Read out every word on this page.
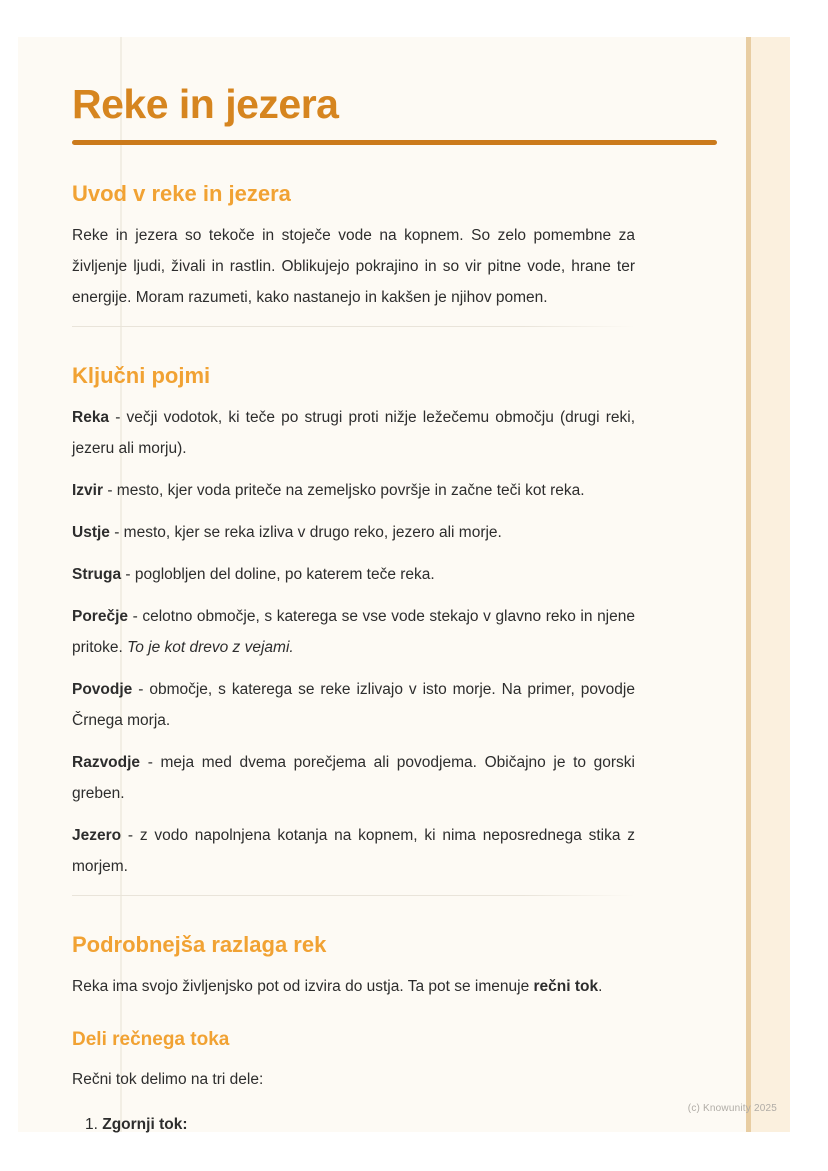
Reke in jezera
Uvod v reke in jezera

Reke in jezera so tekoče in stoječe vode na kopnem. So zelo pomembne za življenje ljudi, živali in rastlin. Oblikujejo pokrajino in so vir pitne vode, hrane ter energije. Moram razumeti, kako nastanejo in kakšen je njihov pomen.

Ključni pojmi

Reka - večji vodotok, ki teče po strugi proti nižje ležečemu območju (drugi reki, jezeru ali morju).

Izvir - mesto, kjer voda priteče na zemeljsko površje in začne teči kot reka.

Ustje - mesto, kjer se reka izliva v drugo reko, jezero ali morje.

Struga - poglobljen del doline, po katerem teče reka.

Porečje - celotno območje, s katerega se vse vode stekajo v glavno reko in njene pritoke. To je kot drevo z vejami.

Povodje - območje, s katerega se reke izlivajo v isto morje. Na primer, povodje Črnega morja.

Razvodje - meja med dvema porečjema ali povodjema. Običajno je to gorski greben.

Jezero - z vodo napolnjena kotanja na kopnem, ki nima neposrednega stika z morjem.

Podrobnejša razlaga rek

Reka ima svojo življenjsko pot od izvira do ustja. Ta pot se imenuje rečni tok.

Deli rečnega toka

Rečni tok delimo na tri dele:

1. Zgornji tok:
(c) Knowunity 2025
